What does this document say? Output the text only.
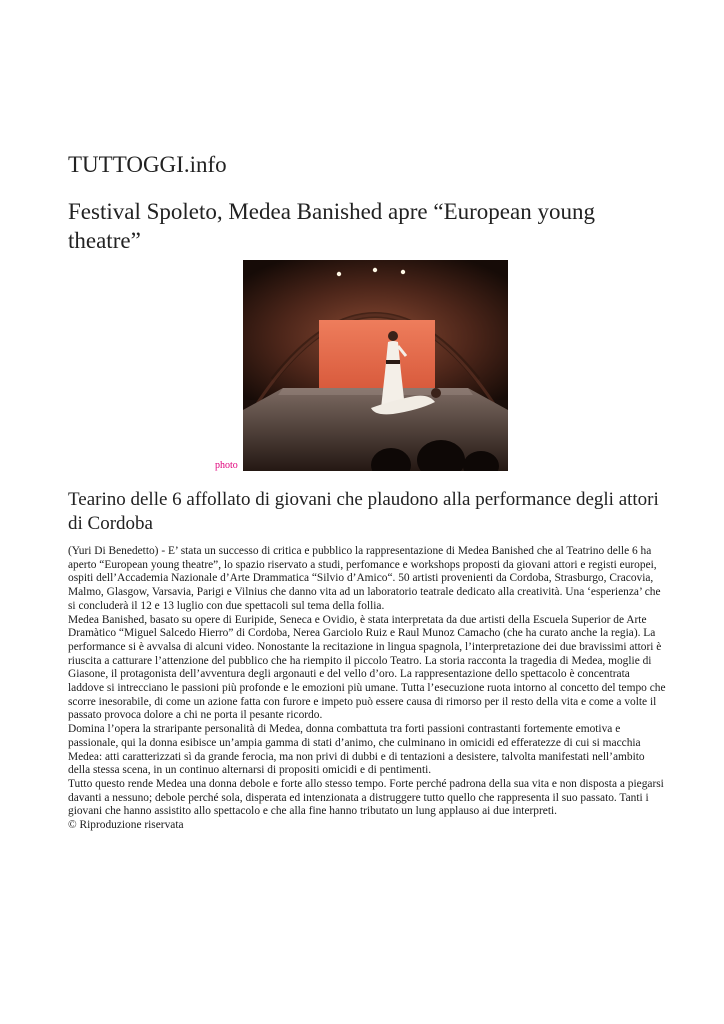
TUTTOGGI.info
Festival Spoleto, Medea Banished apre “European young theatre”
photo
Tearino delle 6 affollato di giovani che plaudono alla performance degli attori di Cordoba

(Yuri Di Benedetto) - E’ stata un successo di critica e pubblico la rappresentazione di Medea Banished che al Teatrino delle 6 ha aperto “European young theatre”, lo spazio riservato a studi, perfomance e workshops proposti da giovani attori e registi europei, ospiti dell’Accademia Nazionale d’Arte Drammatica “Silvio d’Amico“. 50 artisti provenienti da Cordoba, Strasburgo, Cracovia, Malmo, Glasgow, Varsavia, Parigi e Vilnius che danno vita ad un laboratorio teatrale dedicato alla creatività. Una ‘esperienza’ che si concluderà il 12 e 13 luglio con due spettacoli sul tema della follia.

Medea Banished, basato su opere di Euripide, Seneca e Ovidio, è stata interpretata da due artisti della Escuela Superior de Arte Dramàtico “Miguel Salcedo Hierro” di Cordoba, Nerea Garciolo Ruiz e Raul Munoz Camacho (che ha curato anche la regia). La performance si è avvalsa di alcuni video. Nonostante la recitazione in lingua spagnola, l’interpretazione dei due bravissimi attori è riuscita a catturare l’attenzione del pubblico che ha riempito il piccolo Teatro. La storia racconta la tragedia di Medea, moglie di Giasone, il protagonista dell’avventura degli argonauti e del vello d’oro. La rappresentazione dello spettacolo è concentrata laddove si intrecciano le passioni più profonde e le emozioni più umane. Tutta l’esecuzione ruota intorno al concetto del tempo che scorre inesorabile, di come un azione fatta con furore e impeto può essere causa di rimorso per il resto della vita e come a volte il passato provoca dolore a chi ne porta il pesante ricordo.

Domina l’opera la straripante personalità di Medea, donna combattuta tra forti passioni contrastanti fortemente emotiva e passionale, qui la donna esibisce un’ampia gamma di stati d’animo, che culminano in omicidi ed efferatezze di cui si macchia Medea: atti caratterizzati sì da grande ferocia, ma non privi di dubbi e di tentazioni a desistere, talvolta manifestati nell’ambito della stessa scena, in un continuo alternarsi di propositi omicidi e di pentimenti.

Tutto questo rende Medea una donna debole e forte allo stesso tempo. Forte perché padrona della sua vita e non disposta a piegarsi davanti a nessuno; debole perché sola, disperata ed intenzionata a distruggere tutto quello che rappresenta il suo passato. Tanti i giovani che hanno assistito allo spettacolo e che alla fine hanno tributato un lung applauso ai due interpreti.

© Riproduzione riservata
